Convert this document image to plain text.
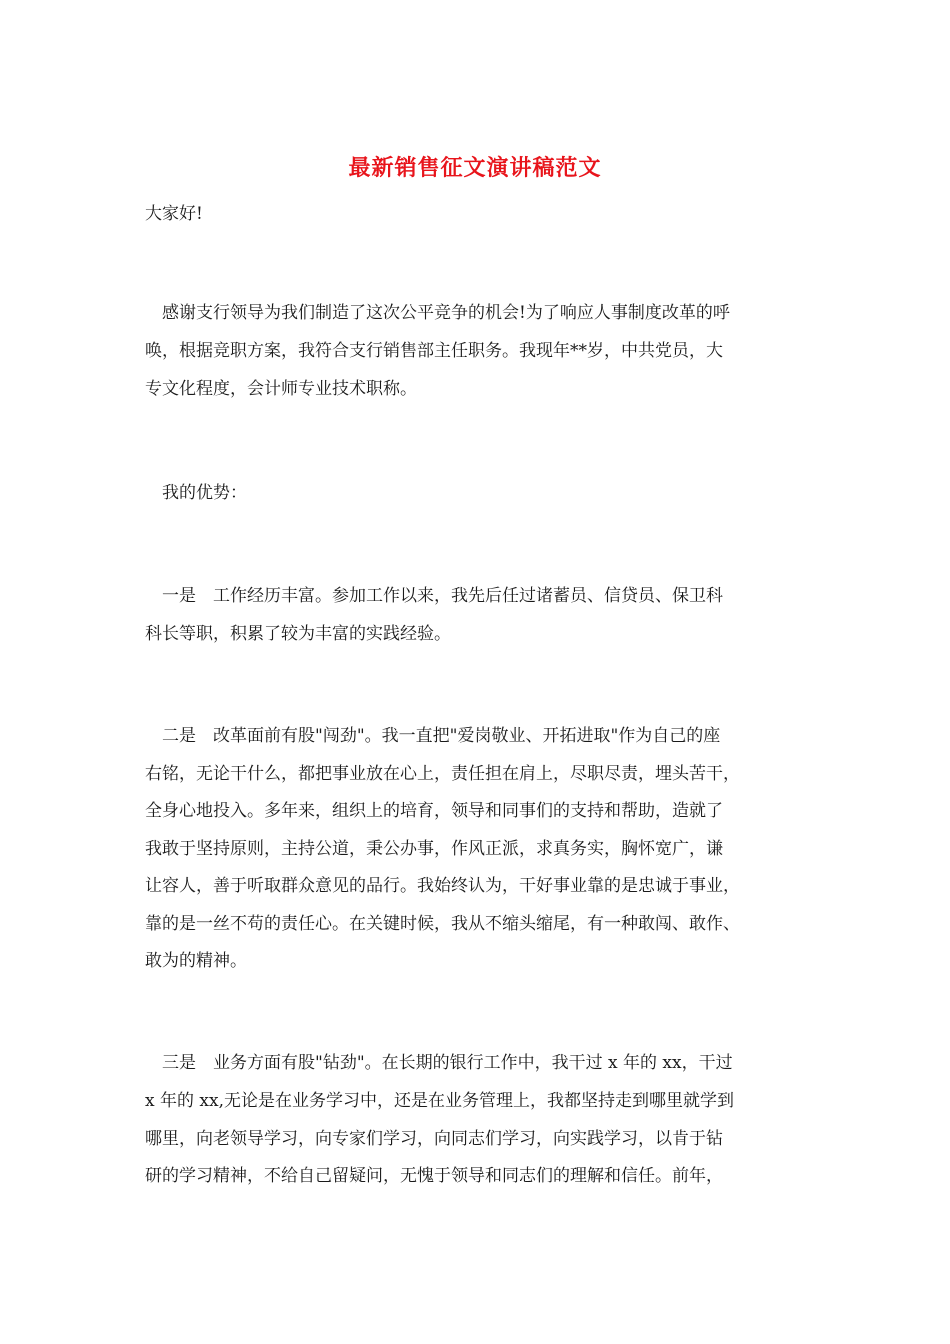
最新销售征文演讲稿范文
大家好!
　感谢支行领导为我们制造了这次公平竞争的机会!为了响应人事制度改革的呼
唤，根据竞职方案，我符合支行销售部主任职务。我现年**岁，中共党员，大
专文化程度，会计师专业技术职称。
　我的优势：
　一是　工作经历丰富。参加工作以来，我先后任过诸蓄员、信贷员、保卫科
科长等职，积累了较为丰富的实践经验。
　二是　改革面前有股"闯劲"。我一直把"爱岗敬业、开拓进取"作为自己的座
右铭，无论干什么，都把事业放在心上，责任担在肩上，尽职尽责，埋头苦干，
全身心地投入。多年来，组织上的培育，领导和同事们的支持和帮助，造就了
我敢于坚持原则，主持公道，秉公办事，作风正派，求真务实，胸怀宽广，谦
让容人，善于听取群众意见的品行。我始终认为，干好事业靠的是忠诚于事业，
靠的是一丝不苟的责任心。在关键时候，我从不缩头缩尾，有一种敢闯、敢作、
敢为的精神。
　三是　业务方面有股"钻劲"。在长期的银行工作中，我干过 x 年的 xx，干过
x 年的 xx,无论是在业务学习中，还是在业务管理上，我都坚持走到哪里就学到
哪里，向老领导学习，向专家们学习，向同志们学习，向实践学习，以肯于钻
研的学习精神，不给自己留疑问，无愧于领导和同志们的理解和信任。前年，
